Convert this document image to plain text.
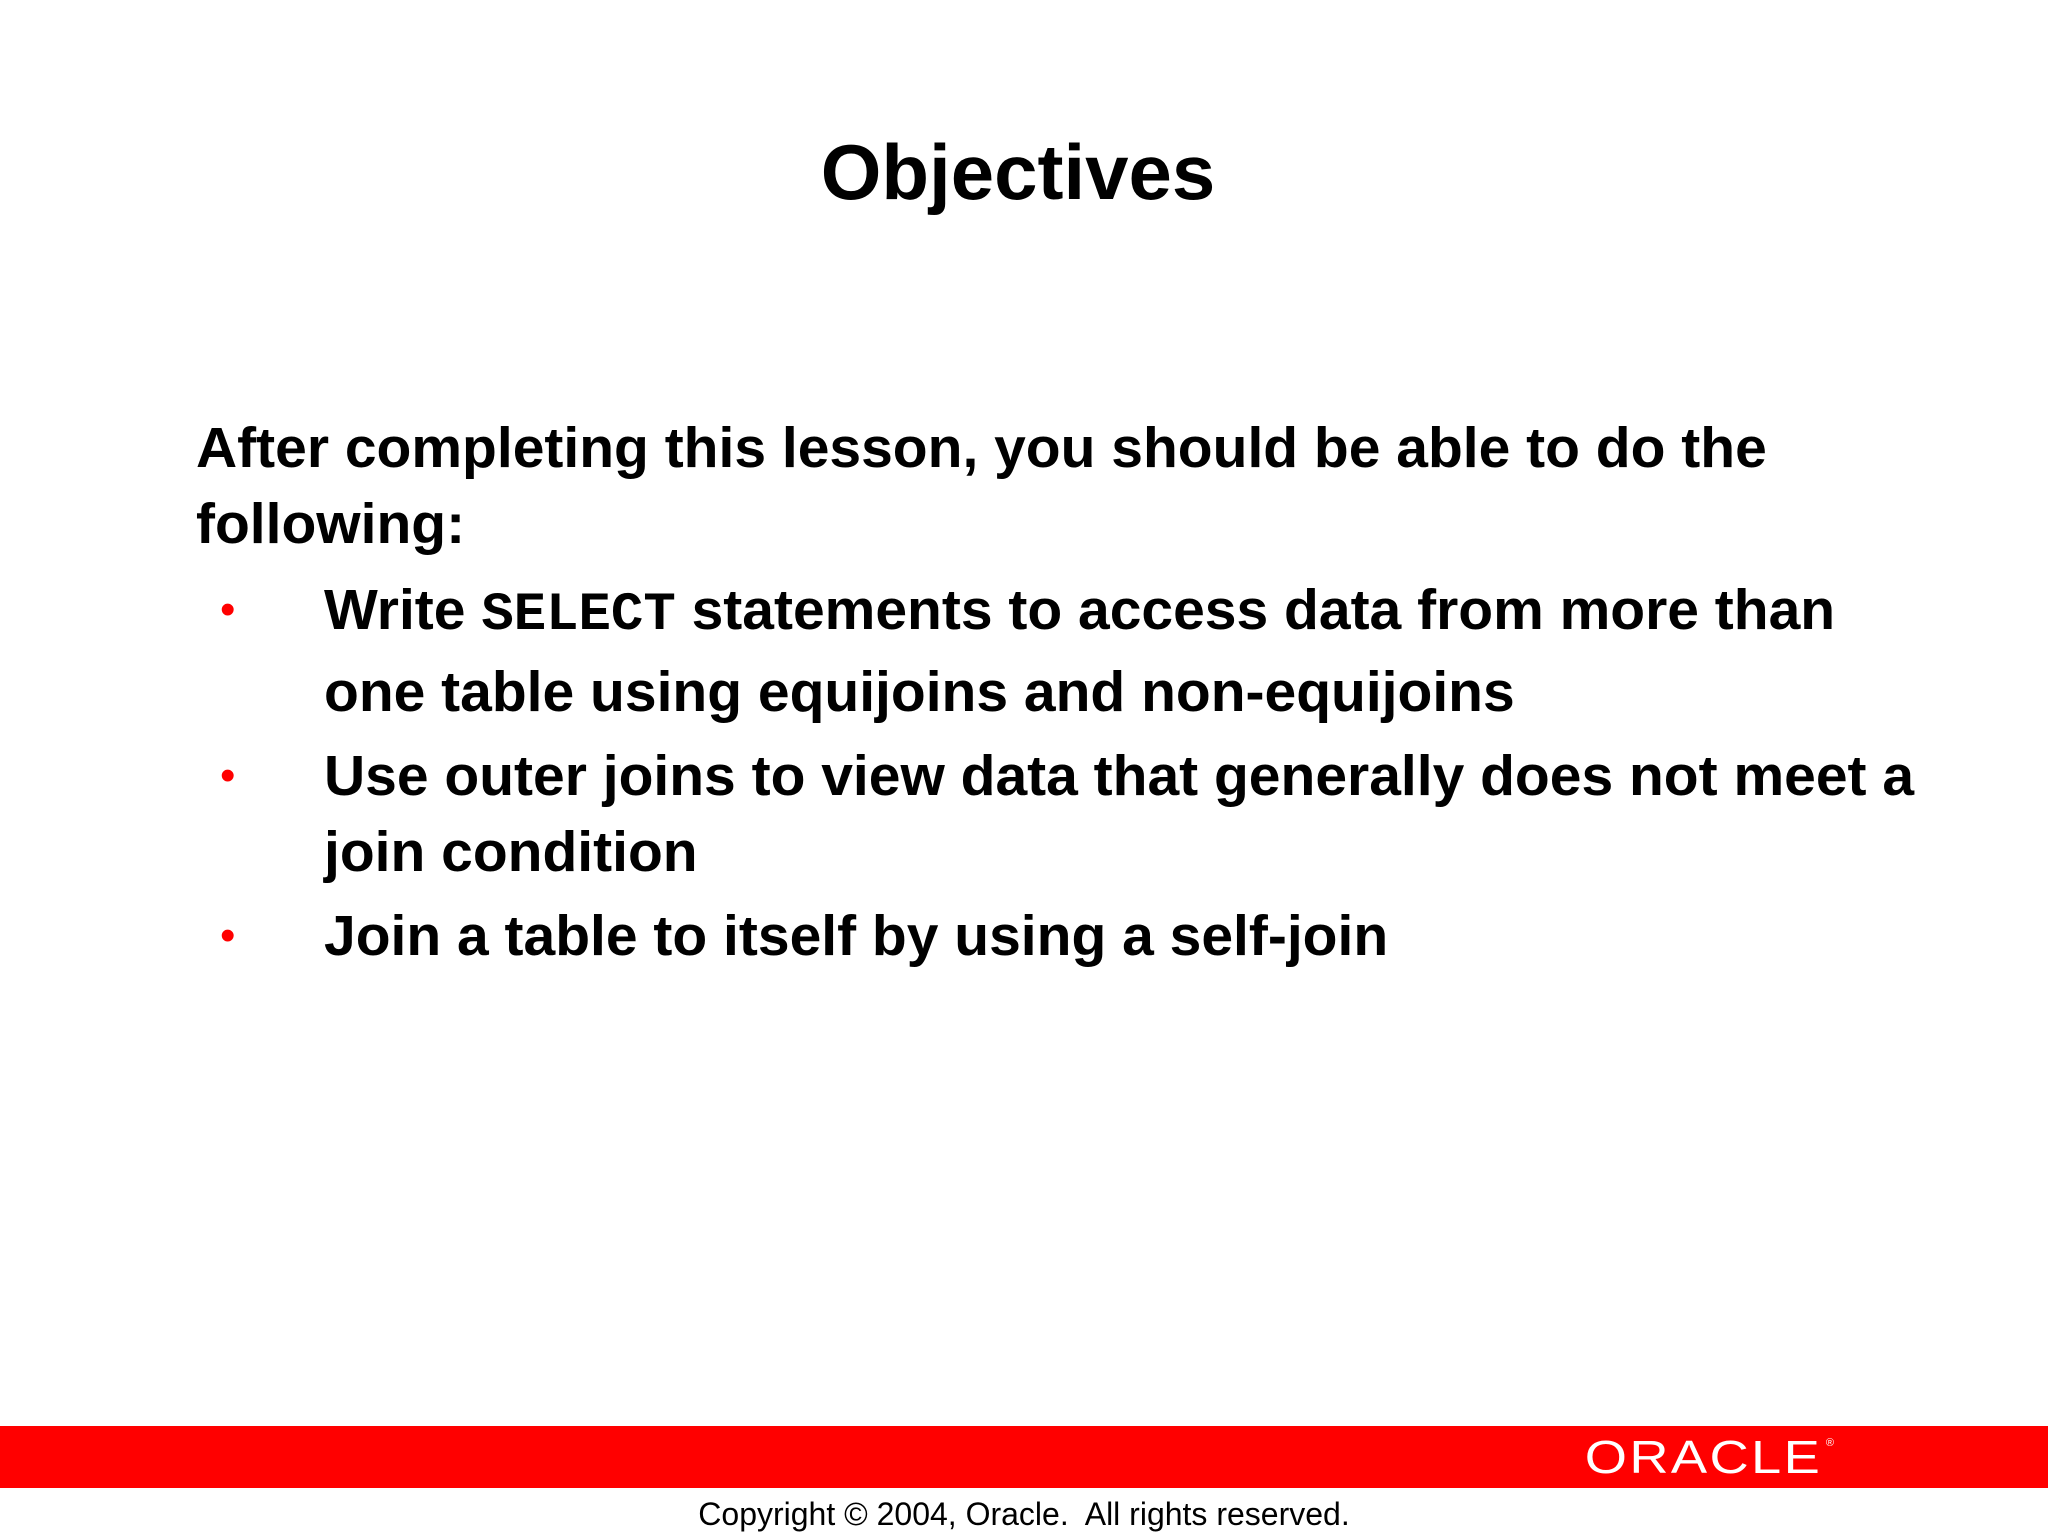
Objectives

After completing this lesson, you should be able to do the following:

• Write SELECT statements to access data from more than one table using equijoins and non-equijoins
• Use outer joins to view data that generally does not meet a join condition
• Join a table to itself by using a self-join
ORACLE ®
Copyright © 2004, Oracle.  All rights reserved.
